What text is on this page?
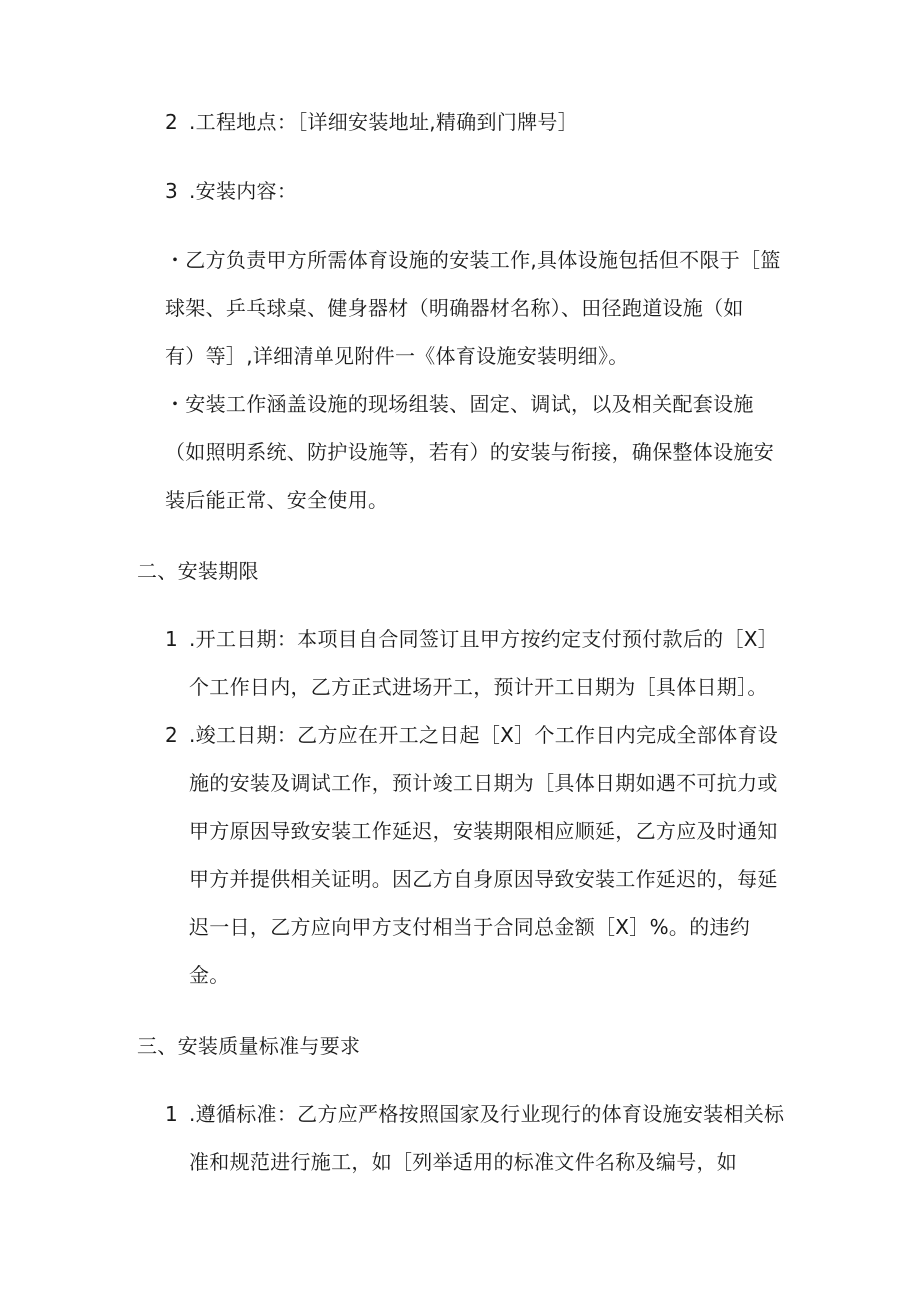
2 .工程地点：［详细安装地址,精确到门牌号］
3 .安装内容：
・乙方负责甲方所需体育设施的安装工作,具体设施包括但不限于［篮
球架、乒乓球桌、健身器材（明确器材名称）、田径跑道设施（如
有）等］,详细清单见附件一《体育设施安装明细》。
・安装工作涵盖设施的现场组装、固定、调试，以及相关配套设施
（如照明系统、防护设施等，若有）的安装与衔接，确保整体设施安
装后能正常、安全使用。
二、安装期限
1 .开工日期：本项目自合同签订且甲方按约定支付预付款后的［X］
个工作日内，乙方正式进场开工，预计开工日期为［具体日期］。
2 .竣工日期：乙方应在开工之日起［X］个工作日内完成全部体育设
施的安装及调试工作，预计竣工日期为［具体日期如遇不可抗力或
甲方原因导致安装工作延迟，安装期限相应顺延，乙方应及时通知
甲方并提供相关证明。因乙方自身原因导致安装工作延迟的，每延
迟一日，乙方应向甲方支付相当于合同总金额［X］%。的违约
金。
三、安装质量标准与要求
1 .遵循标准：乙方应严格按照国家及行业现行的体育设施安装相关标
准和规范进行施工，如［列举适用的标准文件名称及编号，如
